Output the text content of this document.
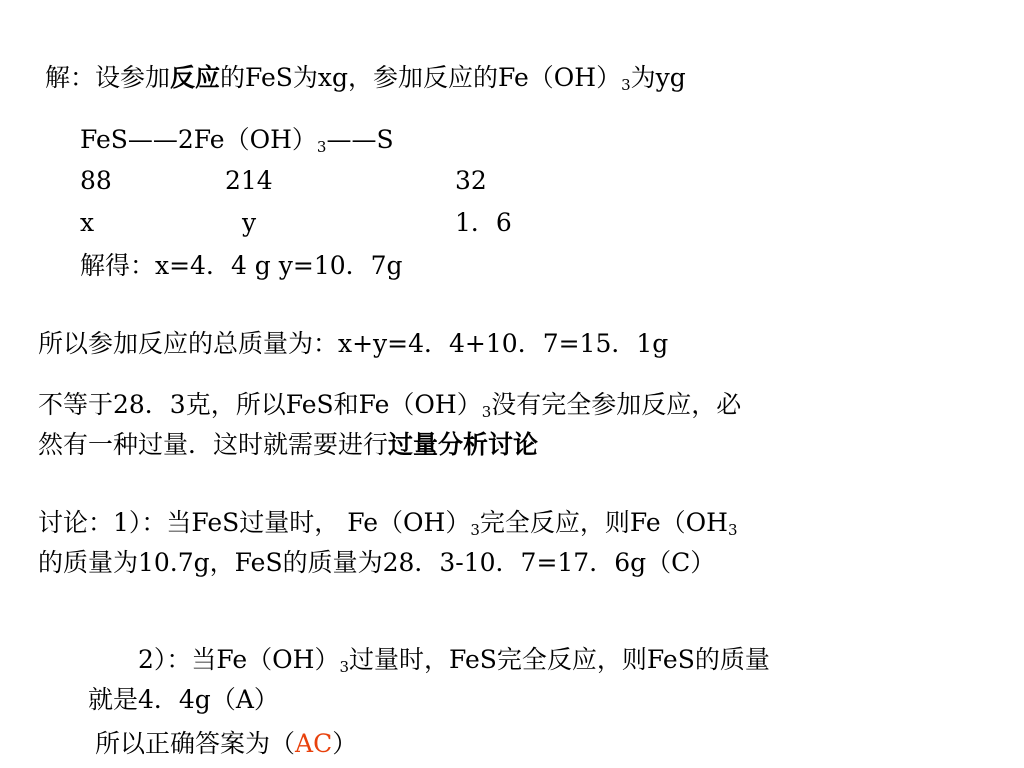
解：设参加反应的FeS为xg，参加反应的$Fe(OH)_3$为yg
$FeS——2Fe(OH)_3——S$
88	214	32
x	y	1．6
解得：x=4．4 g y=10．7g
所以参加反应的总质量为：x+y=4．4+10．7=15．1g
不等于28．3克，所以FeS和$Fe(OH)_3$没有完全参加反应，必
然有一种过量．这时就需要进行过量分析讨论
讨论：1）：当FeS过量时， $Fe(OH)_3$完全反应，则$Fe(OH_3$
的质量为10.7g，FeS的质量为28．3-10．7=17．6g（C）
2）：当$Fe(OH)_3$过量时，FeS完全反应，则FeS的质量
就是4．4g（A）
所以正确答案为（AC）
